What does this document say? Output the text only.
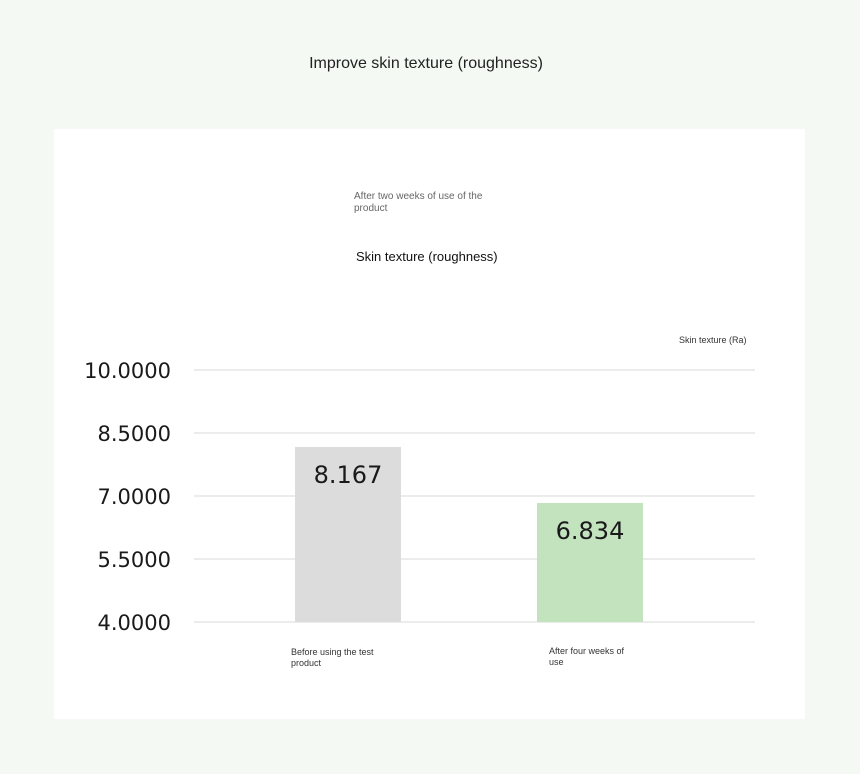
Improve skin texture (roughness)
After two weeks of use of the product
Skin texture (roughness)
Skin texture (Ra)
4.0000
5.5000
7.0000
8.5000
10.0000
8.167
6.834
Before using the test product
After four weeks of use
